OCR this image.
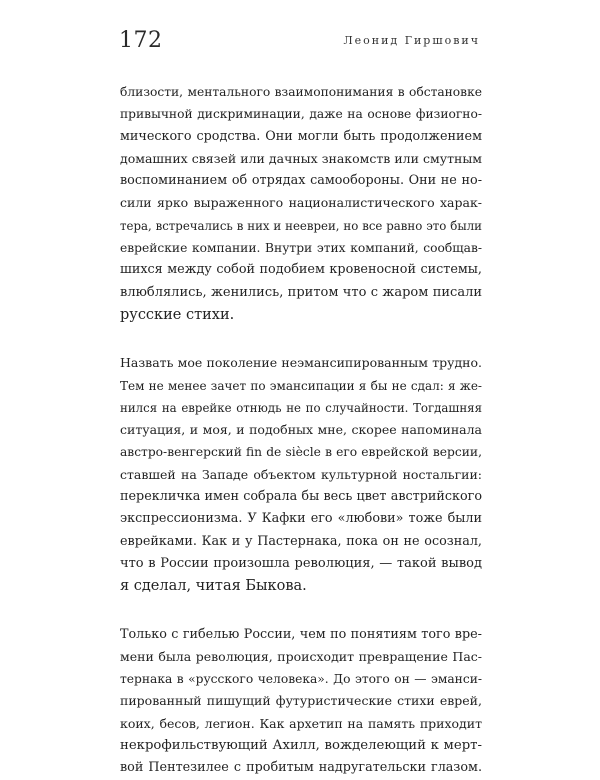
172	Леонид Гиршович

близости, ментального взаимопонимания в обстановке
привычной дискриминации, даже на основе физиогно-
мического сродства. Они могли быть продолжением
домашних связей или дачных знакомств или смутным
воспоминанием об отрядах самообороны. Они не но-
сили ярко выраженного националистического харак-
тера, встречались в них и неевреи, но все равно это были
еврейские компании. Внутри этих компаний, сообщав-
шихся между собой подобием кровеносной системы,
влюблялись, женились, притом что с жаром писали
русские стихи.

Назвать мое поколение неэмансипированным трудно.
Тем не менее зачет по эмансипации я бы не сдал: я же-
нился на еврейке отнюдь не по случайности. Тогдашняя
ситуация, и моя, и подобных мне, скорее напоминала
австро-венгерский fin de siècle в его еврейской версии,
ставшей на Западе объектом культурной ностальгии:
перекличка имен собрала бы весь цвет австрийского
экспрессионизма. У Кафки его «любови» тоже были
еврейками. Как и у Пастернака, пока он не осознал,
что в России произошла революция, — такой вывод
я сделал, читая Быкова.

Только с гибелью России, чем по понятиям того вре-
мени была революция, происходит превращение Пас-
тернака в «русского человека». До этого он — эманси-
пированный пишущий футуристические стихи еврей,
коих, бесов, легион. Как архетип на память приходит
некрофильствующий Ахилл, вожделеющий к мерт-
вой Пентезилее с пробитым надругательски глазом.
